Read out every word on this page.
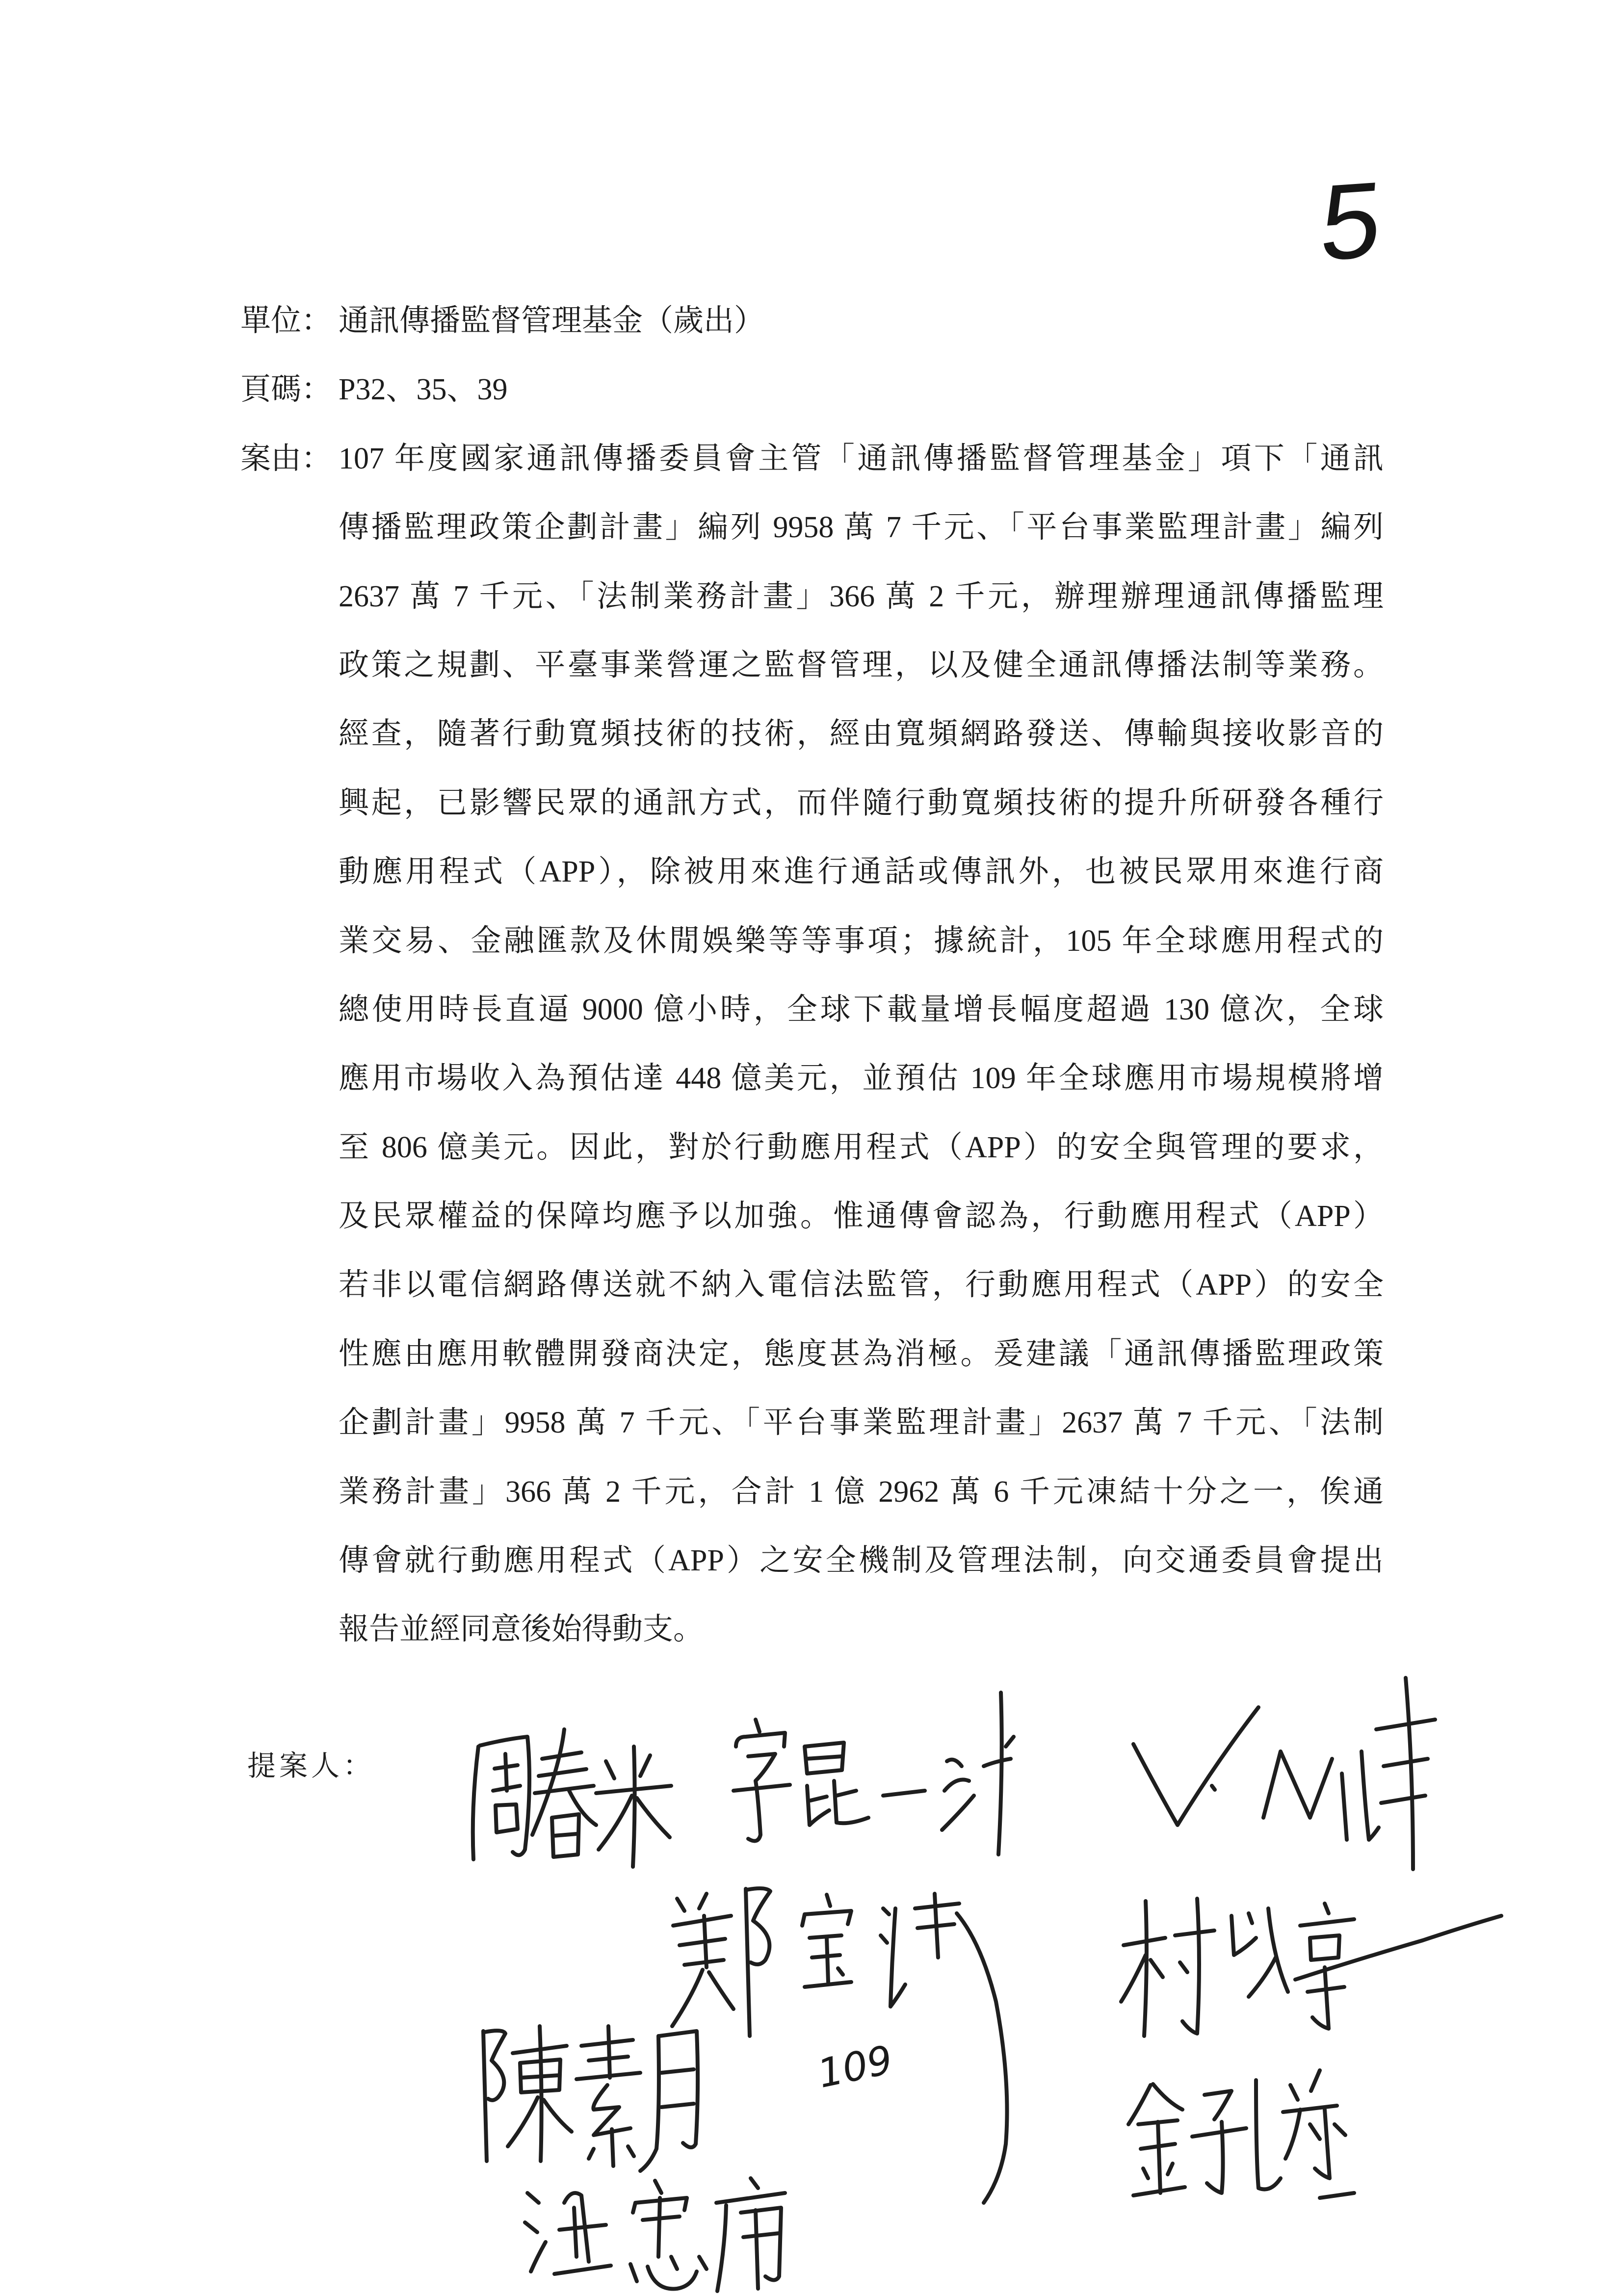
5
單位： 通訊傳播監督管理基金（歲出）
頁碼： P32、35、39
案由： 107 年度國家通訊傳播委員會主管「通訊傳播監督管理基金」項下「通訊
傳播監理政策企劃計畫」編列 9958 萬 7 千元、「平台事業監理計畫」編列
2637 萬 7 千元、「法制業務計畫」366 萬 2 千元，辦理辦理通訊傳播監理
政策之規劃、平臺事業營運之監督管理，以及健全通訊傳播法制等業務。
經查，隨著行動寬頻技術的技術，經由寬頻網路發送、傳輸與接收影音的
興起，已影響民眾的通訊方式，而伴隨行動寬頻技術的提升所研發各種行
動應用程式（APP），除被用來進行通話或傳訊外，也被民眾用來進行商
業交易、金融匯款及休閒娛樂等等事項；據統計，105 年全球應用程式的
總使用時長直逼 9000 億小時，全球下載量增長幅度超過 130 億次，全球
應用市場收入為預估達 448 億美元，並預估 109 年全球應用市場規模將增
至 806 億美元。因此，對於行動應用程式（APP）的安全與管理的要求，
及民眾權益的保障均應予以加強。惟通傳會認為，行動應用程式（APP）
若非以電信網路傳送就不納入電信法監管，行動應用程式（APP）的安全
性應由應用軟體開發商決定，態度甚為消極。爰建議「通訊傳播監理政策
企劃計畫」9958 萬 7 千元、「平台事業監理計畫」2637 萬 7 千元、「法制
業務計畫」366 萬 2 千元，合計 1 億 2962 萬 6 千元凍結十分之一，俟通
傳會就行動應用程式（APP）之安全機制及管理法制，向交通委員會提出
報告並經同意後始得動支。
提案人：
109
